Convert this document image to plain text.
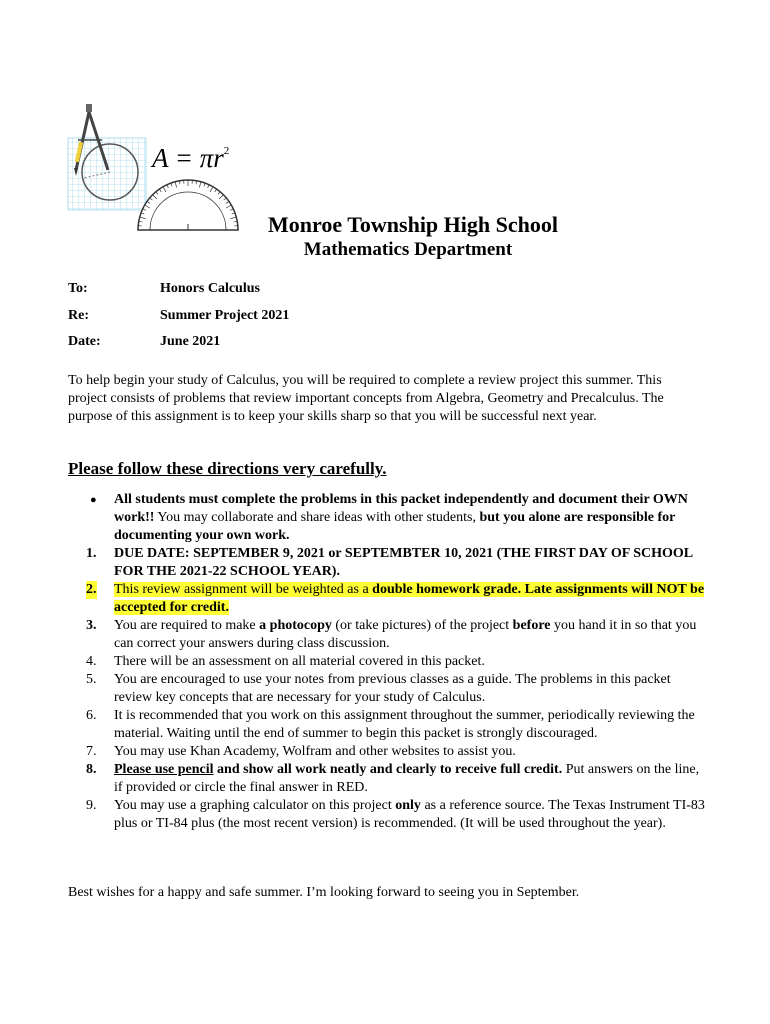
$A = \pi r^2$
Monroe Township High School
Mathematics Department
To:	Honors Calculus
Re:	Summer Project 2021
Date:	June 2021
To help begin your study of Calculus, you will be required to complete a review project this summer. This project consists of problems that review important concepts from Algebra, Geometry and Precalculus. The purpose of this assignment is to keep your skills sharp so that you will be successful next year.
Please follow these directions very carefully.
● All students must complete the problems in this packet independently and document their OWN work!! You may collaborate and share ideas with other students, but you alone are responsible for documenting your own work.
1. DUE DATE: SEPTEMBER 9, 2021 or SEPTEMBTER 10, 2021 (THE FIRST DAY OF SCHOOL FOR THE 2021-22 SCHOOL YEAR).
2. This review assignment will be weighted as a double homework grade. Late assignments will NOT be accepted for credit.
3. You are required to make a photocopy (or take pictures) of the project before you hand it in so that you can correct your answers during class discussion.
4. There will be an assessment on all material covered in this packet.
5. You are encouraged to use your notes from previous classes as a guide. The problems in this packet review key concepts that are necessary for your study of Calculus.
6. It is recommended that you work on this assignment throughout the summer, periodically reviewing the material. Waiting until the end of summer to begin this packet is strongly discouraged.
7. You may use Khan Academy, Wolfram and other websites to assist you.
8. Please use pencil and show all work neatly and clearly to receive full credit. Put answers on the line, if provided or circle the final answer in RED.
9. You may use a graphing calculator on this project only as a reference source. The Texas Instrument TI-83 plus or TI-84 plus (the most recent version) is recommended. (It will be used throughout the year).
Best wishes for a happy and safe summer. I’m looking forward to seeing you in September.
